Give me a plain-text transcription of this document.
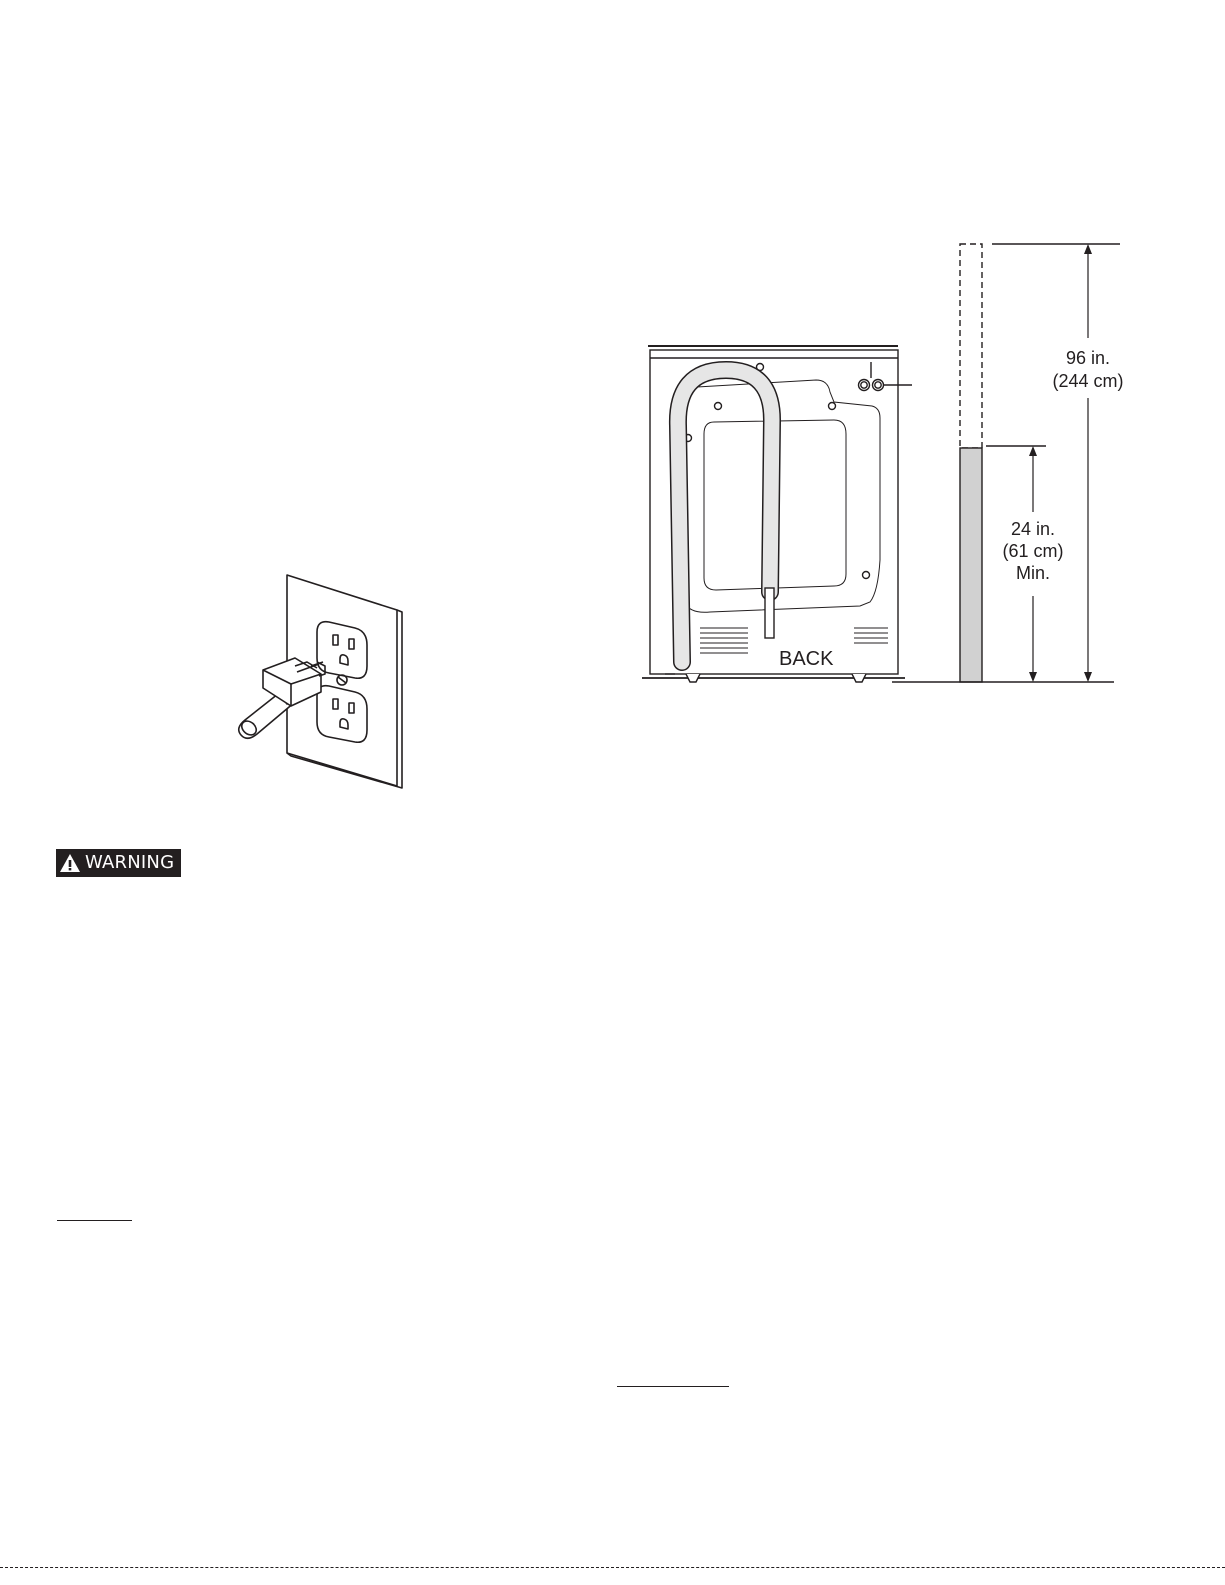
WARNING
BACK
96 in.
(244 cm)
24 in.
(61 cm)
Min.
